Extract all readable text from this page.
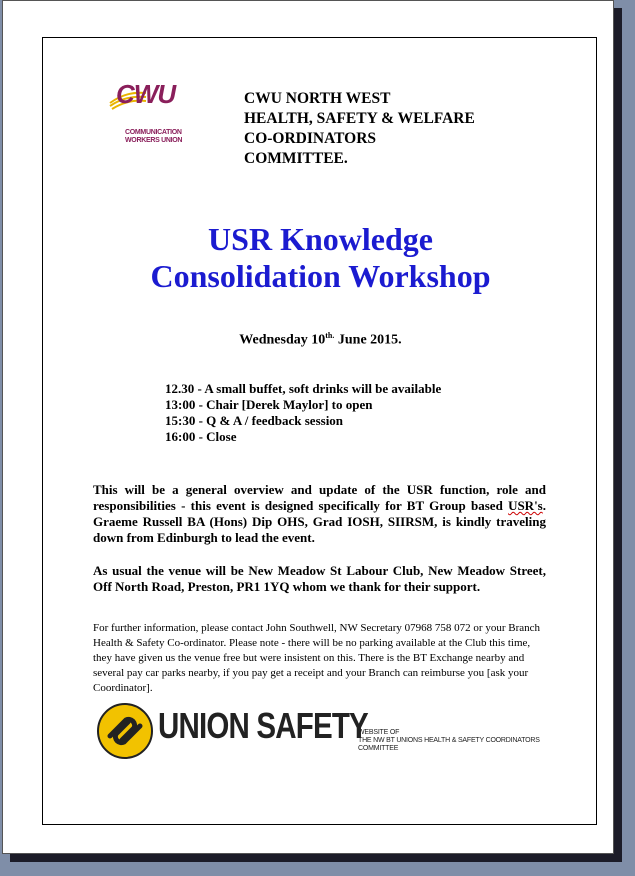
CWU
COMMUNICATION
WORKERS UNION
CWU NORTH WEST
HEALTH, SAFETY & WELFARE
CO-ORDINATORS
COMMITTEE.
USR Knowledge
Consolidation Workshop
Wednesday $10^{th.}$ June 2015.
12.30 - A small buffet, soft drinks will be available
13:00 - Chair [Derek Maylor] to open
15:30 - Q & A / feedback session
16:00 - Close
This will be a general overview and update of the USR function, role and responsibilities - this event is designed specifically for BT Group based USR's. Graeme Russell BA (Hons) Dip OHS, Grad IOSH, SIIRSM, is kindly traveling down from Edinburgh to lead the event.
As usual the venue will be New Meadow St Labour Club, New Meadow Street, Off North Road, Preston, PR1 1YQ whom we thank for their support.
For further information, please contact John Southwell, NW Secretary 07968 758 072 or your Branch Health & Safety Co-ordinator. Please note - there will be no parking available at the Club this time, they have given us the venue free but were insistent on this. There is the BT Exchange nearby and several pay car parks nearby, if you pay get a receipt and your Branch can reimburse you [ask your Coordinator].
UNION SAFETY
WEBSITE OF
THE NW BT UNIONS HEALTH & SAFETY COORDINATORS COMMITTEE
